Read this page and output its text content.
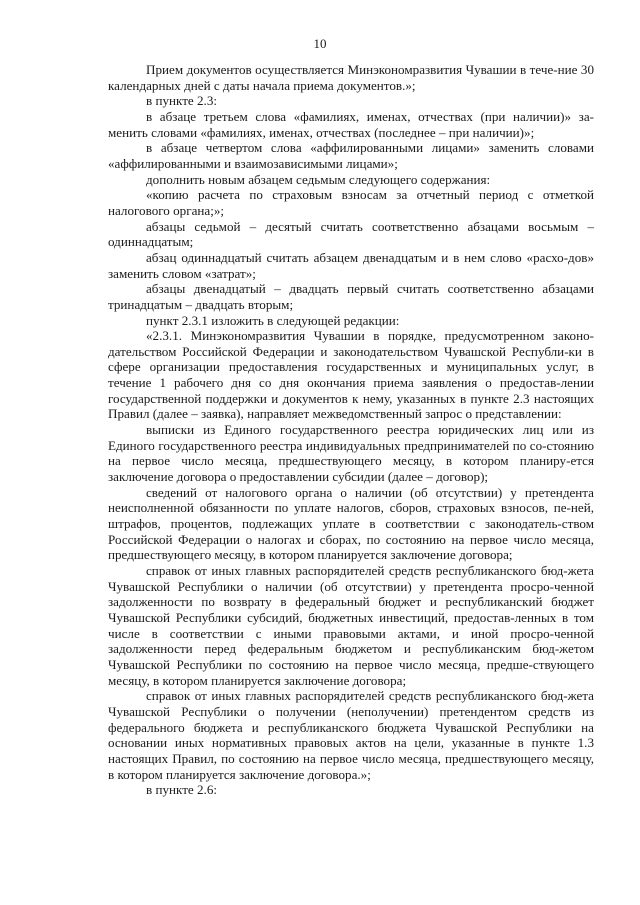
10

Прием документов осуществляется Минэкономразвития Чувашии в тече-ние 30 календарных дней с даты начала приема документов.»;

в пункте 2.3:

в абзаце третьем слова «фамилиях, именах, отчествах (при наличии)» за-менить словами «фамилиях, именах, отчествах (последнее – при наличии)»;

в абзаце четвертом слова «аффилированными лицами» заменить словами «аффилированными и взаимозависимыми лицами»;

дополнить новым абзацем седьмым следующего содержания:

«копию расчета по страховым взносам за отчетный период с отметкой налогового органа;»;

абзацы седьмой – десятый считать соответственно абзацами восьмым – одиннадцатым;

абзац одиннадцатый считать абзацем двенадцатым и в нем слово «расхо-дов» заменить словом «затрат»;

абзацы двенадцатый – двадцать первый считать соответственно абзацами тринадцатым – двадцать вторым;

пункт 2.3.1 изложить в следующей редакции:

«2.3.1. Минэкономразвития Чувашии в порядке, предусмотренном законо-дательством Российской Федерации и законодательством Чувашской Республи-ки в сфере организации предоставления государственных и муниципальных услуг, в течение 1 рабочего дня со дня окончания приема заявления о предостав-лении государственной поддержки и документов к нему, указанных в пункте 2.3 настоящих Правил (далее – заявка), направляет межведомственный запрос о представлении:

выписки из Единого государственного реестра юридических лиц или из Единого государственного реестра индивидуальных предпринимателей по со-стоянию на первое число месяца, предшествующего месяцу, в котором планиру-ется заключение договора о предоставлении субсидии (далее – договор);

сведений от налогового органа о наличии (об отсутствии) у претендента неисполненной обязанности по уплате налогов, сборов, страховых взносов, пе-ней, штрафов, процентов, подлежащих уплате в соответствии с законодатель-ством Российской Федерации о налогах и сборах, по состоянию на первое число месяца, предшествующего месяцу, в котором планируется заключение договора;

справок от иных главных распорядителей средств республиканского бюд-жета Чувашской Республики о наличии (об отсутствии) у претендента просро-ченной задолженности по возврату в федеральный бюджет и республиканский бюджет Чувашской Республики субсидий, бюджетных инвестиций, предостав-ленных в том числе в соответствии с иными правовыми актами, и иной просро-ченной задолженности перед федеральным бюджетом и республиканским бюд-жетом Чувашской Республики по состоянию на первое число месяца, предше-ствующего месяцу, в котором планируется заключение договора;

справок от иных главных распорядителей средств республиканского бюд-жета Чувашской Республики о получении (неполучении) претендентом средств из федерального бюджета и республиканского бюджета Чувашской Республики на основании иных нормативных правовых актов на цели, указанные в пункте 1.3 настоящих Правил, по состоянию на первое число месяца, предшествующего месяцу, в котором планируется заключение договора.»;

в пункте 2.6:
